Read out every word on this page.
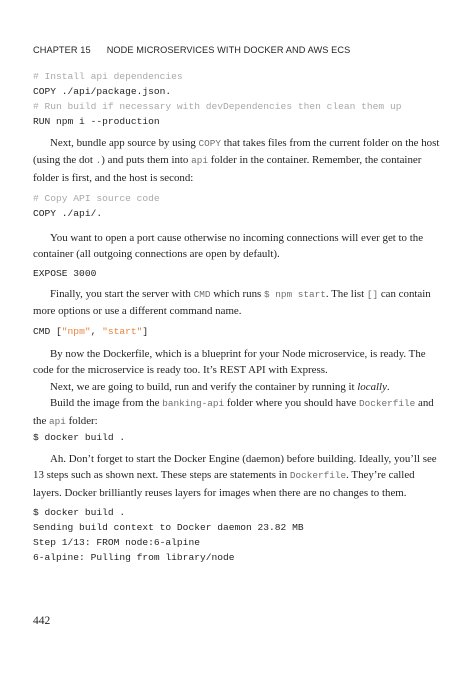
CHAPTER 15 NODE MICROSERVICES WITH DOCKER AND AWS ECS
# Install api dependencies
COPY ./api/package.json.
# Run build if necessary with devDependencies then clean them up
RUN npm i --production

Next, bundle app source by using COPY that takes files from the current folder on the host (using the dot .) and puts them into api folder in the container. Remember, the container folder is first, and the host is second:

# Copy API source code
COPY ./api/.

You want to open a port cause otherwise no incoming connections will ever get to the container (all outgoing connections are open by default).

EXPOSE 3000

Finally, you start the server with CMD which runs $ npm start. The list [] can contain more options or use a different command name.

CMD ["npm", "start"]

By now the Dockerfile, which is a blueprint for your Node microservice, is ready. The code for the microservice is ready too. It’s REST API with Express.

Next, we are going to build, run and verify the container by running it locally.

Build the image from the banking-api folder where you should have Dockerfile and the api folder:

$ docker build .

Ah. Don’t forget to start the Docker Engine (daemon) before building. Ideally, you’ll see 13 steps such as shown next. These steps are statements in Dockerfile. They’re called layers. Docker brilliantly reuses layers for images when there are no changes to them.

$ docker build .
Sending build context to Docker daemon 23.82 MB
Step 1/13: FROM node:6-alpine
6-alpine: Pulling from library/node
442
